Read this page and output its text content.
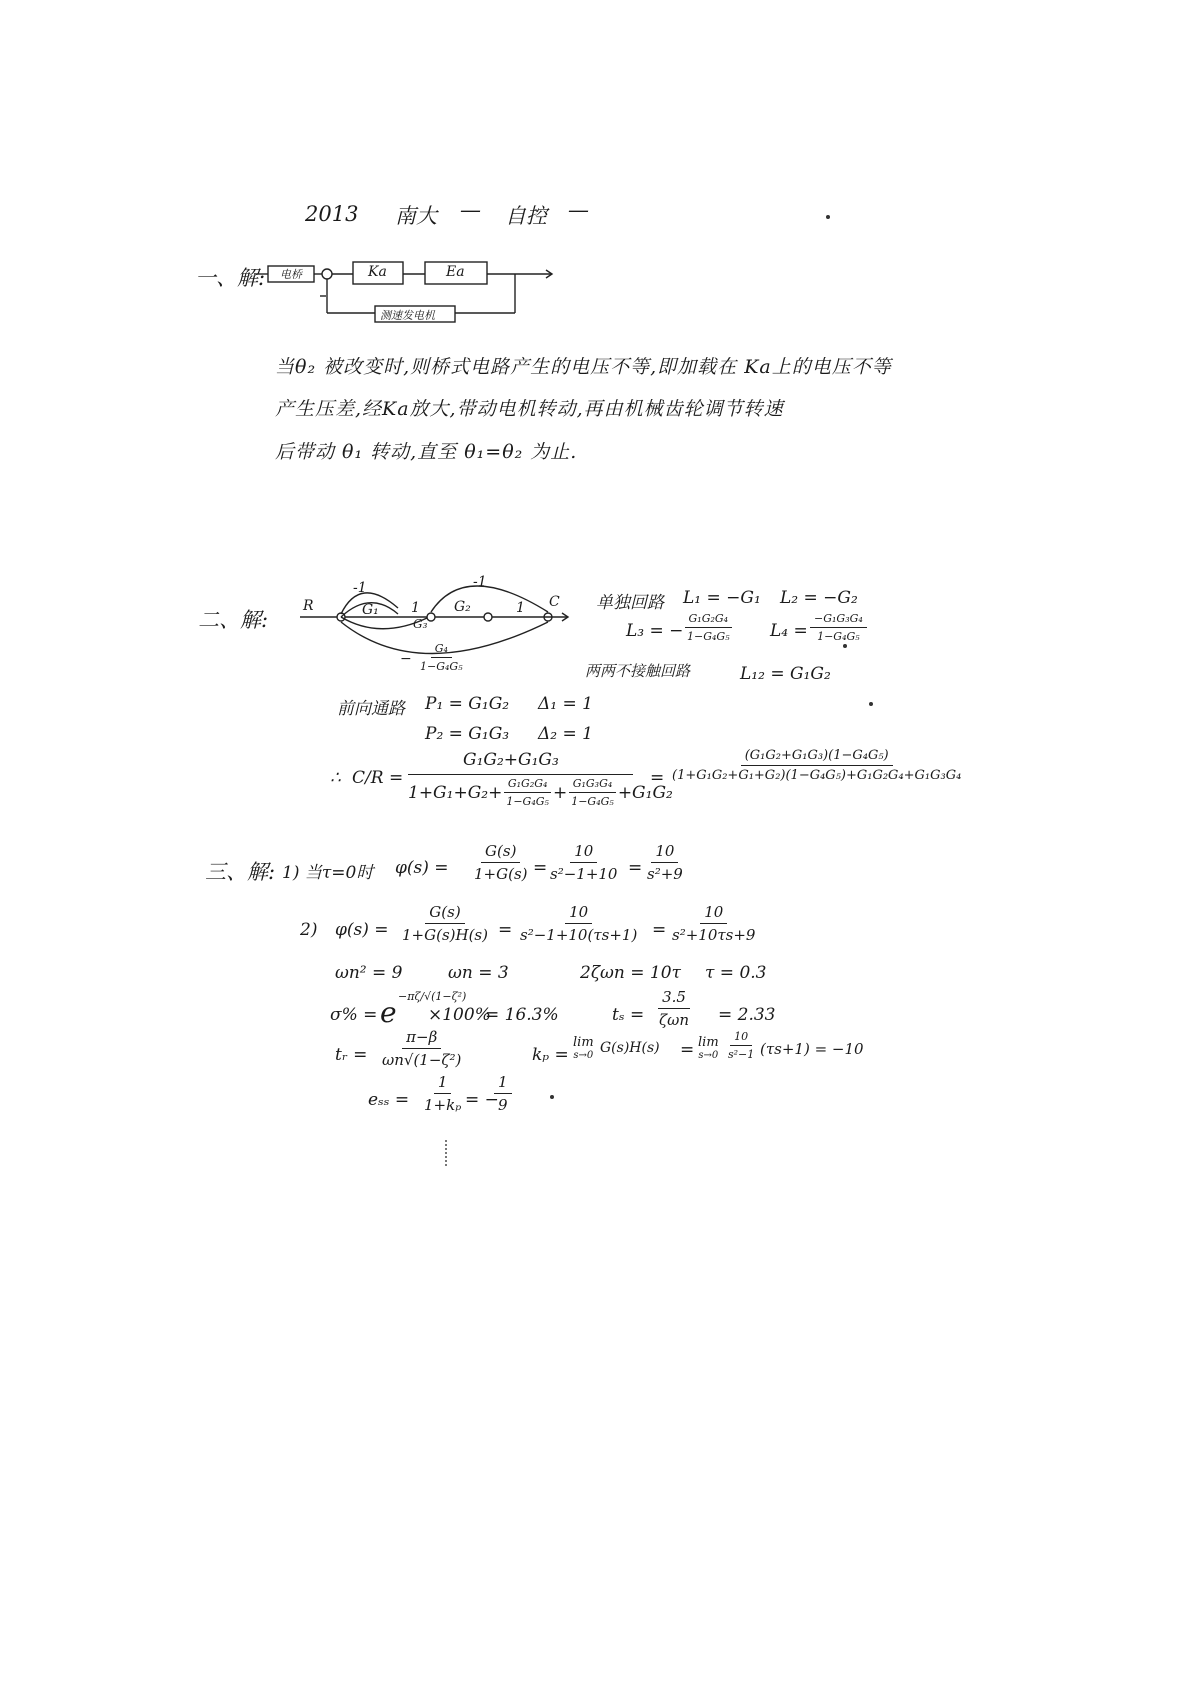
2013 南大 — 自控 —
一、解: 电桥	Ka	Ea
测速发电机
当θ₂ 被改变时,则桥式电路产生的电压不等,即加载在 Ka上的电压不等
产生压差,经Ka放大,带动电机转动,再由机械齿轮调节转速
后带动 θ₁ 转动,直至 θ₁=θ₂ 为止.
二、解:
R	C
-1	-1
G₁	G₂
G₃
1	1
− $\frac{\text{G₄}}{\text{1−G₄G₅}}$
单独回路 L₁ = −G₁ L₂ = −G₂
L₃ = − $\frac{\text{G₁G₂G₄}}{\text{1−G₄G₅}} L_4 = \frac{\text{−G₁G₃G₄}}{\text{1−G₄G₅}}$
两两不接触回路	L₁₂ = G₁G₂
前向通路 P₁ = G₁G₂ Δ₁ = 1
P₂ = G₁G₃ Δ₂ = 1
∴ C/R =
G₁G₂+G₁G₃
$1+G_1+G_2+ \frac{\text{G₁G₂G₄}}{\text{1−G₄G₅}} + \frac{\text{G₁G₃G₄}}{\text{1−G₄G₅}} +G_1G_2$
= $\frac{\text{(G₁G₂+G₁G₃)(1−G₄G₅)}}{\text{(1+G₁G₂+G₁+G₂)(1−G₄G₅)+G₁G₂G₄+G₁G₃G₄}}$
三、解: 1) 当τ=0时 $\varphi(s) = \frac{G(s)}{1+G(s)}$ =
$\frac{10}{\text{s²−1+10}} = \frac{10}{\text{s²+9}}$
2) $\varphi(s) = \frac{G(s)}{1+G(s)H(s)} = \frac{10}{\text{s²−1+10(τs+1)}} = \frac{10}{\text{s²+10τs+9}}$
ωn² = 9	ωn = 3	2ζωn = 10τ τ = 0.3
σ% = e −πζ/√(1−ζ²)
×100%
= 16.3%	tₛ =
3.5
ζωn = 2.33
tᵣ = $\frac{\pi-\beta}{\text{ωn√(1−ζ²)}}$	kₚ =
lim
s→0 G(s)H(s) = lim
$s\to 0 \frac{10}{\text{s²−1}} (\tau s+1) = -10$
$e_{ss} = \frac{1}{\text{1+kₚ}}$ = −
$\frac{1}{9}$
